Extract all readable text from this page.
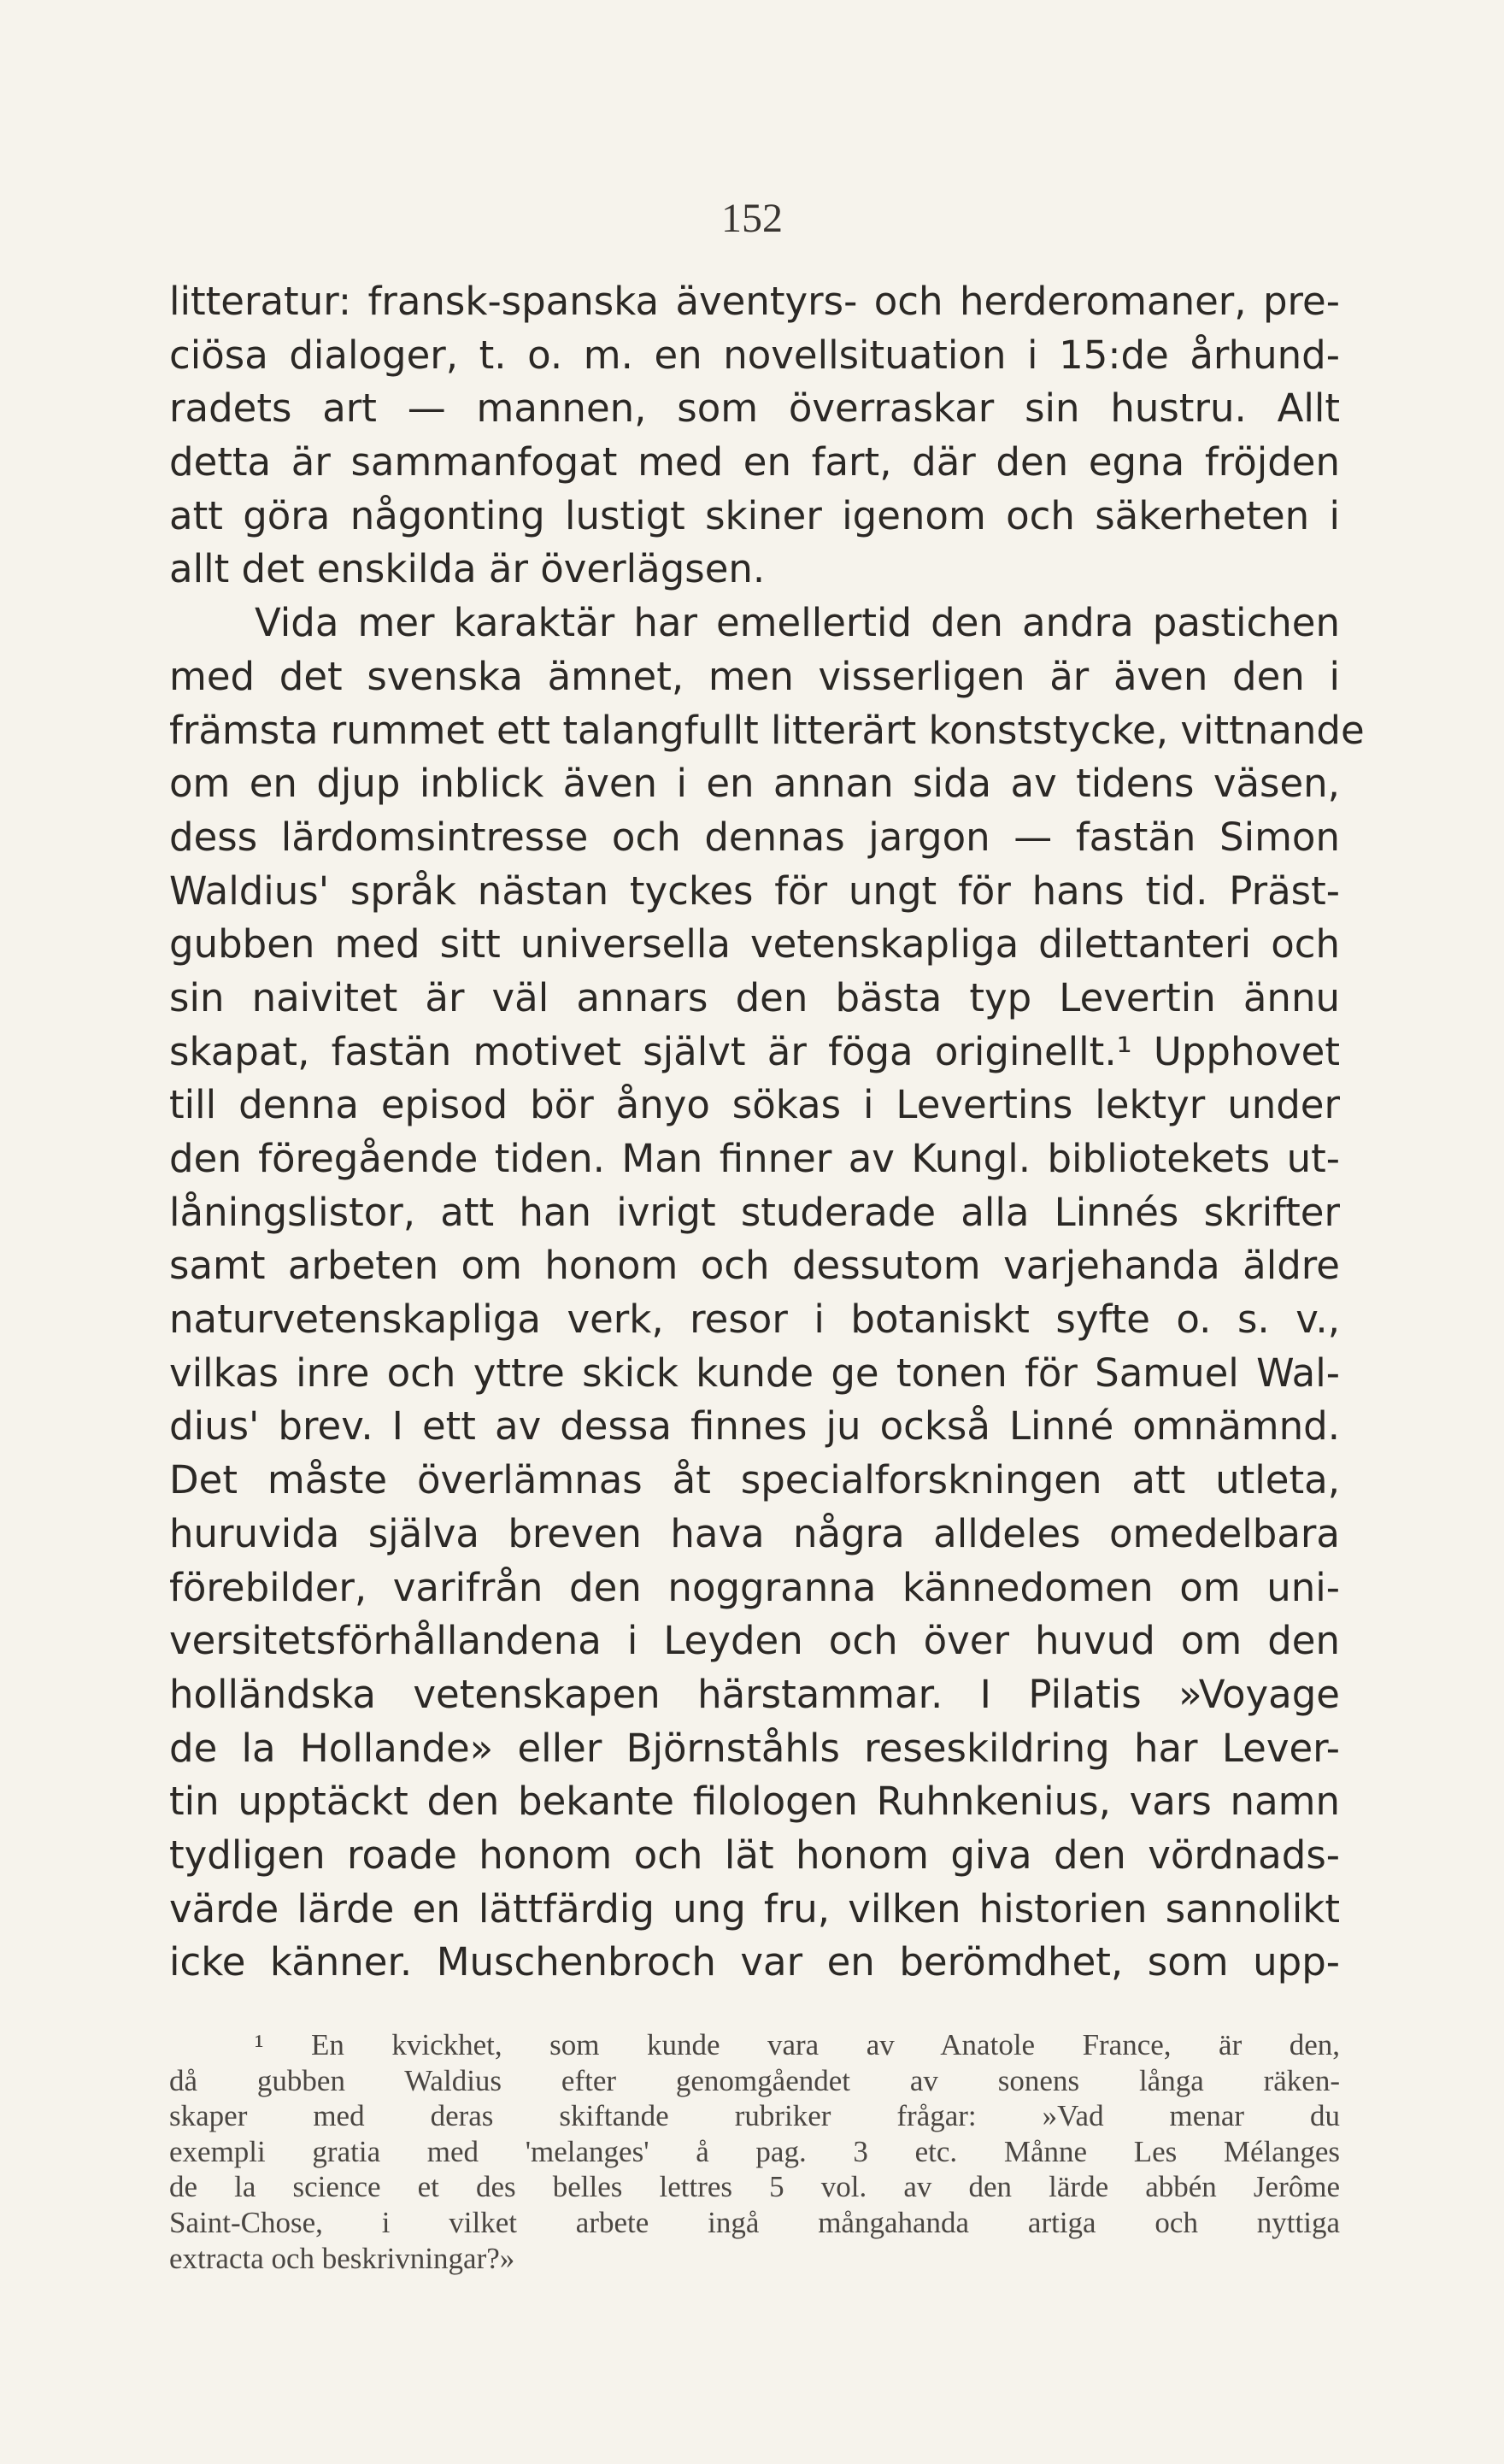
152
litteratur: fransk-spanska äventyrs- och herderomaner, pre-
ciösa dialoger, t. o. m. en novellsituation i 15:de århund-
radets art — mannen, som överraskar sin hustru. Allt
detta är sammanfogat med en fart, där den egna fröjden
att göra någonting lustigt skiner igenom och säkerheten i
allt det enskilda är överlägsen.
Vida mer karaktär har emellertid den andra pastichen
med det svenska ämnet, men visserligen är även den i
främsta rummet ett talangfullt litterärt konststycke, vittnande
om en djup inblick även i en annan sida av tidens väsen,
dess lärdomsintresse och dennas jargon — fastän Simon
Waldius' språk nästan tyckes för ungt för hans tid. Präst-
gubben med sitt universella vetenskapliga dilettanteri och
sin naivitet är väl annars den bästa typ Levertin ännu
skapat, fastän motivet självt är föga originellt.¹ Upphovet
till denna episod bör ånyo sökas i Levertins lektyr under
den föregående tiden. Man finner av Kungl. bibliotekets ut-
låningslistor, att han ivrigt studerade alla Linnés skrifter
samt arbeten om honom och dessutom varjehanda äldre
naturvetenskapliga verk, resor i botaniskt syfte o. s. v.,
vilkas inre och yttre skick kunde ge tonen för Samuel Wal-
dius' brev. I ett av dessa finnes ju också Linné omnämnd.
Det måste överlämnas åt specialforskningen att utleta,
huruvida själva breven hava några alldeles omedelbara
förebilder, varifrån den noggranna kännedomen om uni-
versitetsförhållandena i Leyden och över huvud om den
holländska vetenskapen härstammar. I Pilatis »Voyage
de la Hollande» eller Björnståhls reseskildring har Lever-
tin upptäckt den bekante filologen Ruhnkenius, vars namn
tydligen roade honom och lät honom giva den vördnads-
värde lärde en lättfärdig ung fru, vilken historien sannolikt
icke känner. Muschenbroch var en berömdhet, som upp-
¹ En kvickhet, som kunde vara av Anatole France, är den,
då gubben Waldius efter genomgåendet av sonens långa räken-
skaper med deras skiftande rubriker frågar: »Vad menar du
exempli gratia med 'melanges' å pag. 3 etc. Månne Les Mélanges
de la science et des belles lettres 5 vol. av den lärde abbén Jerôme
Saint-Chose, i vilket arbete ingå mångahanda artiga och nyttiga
extracta och beskrivningar?»
